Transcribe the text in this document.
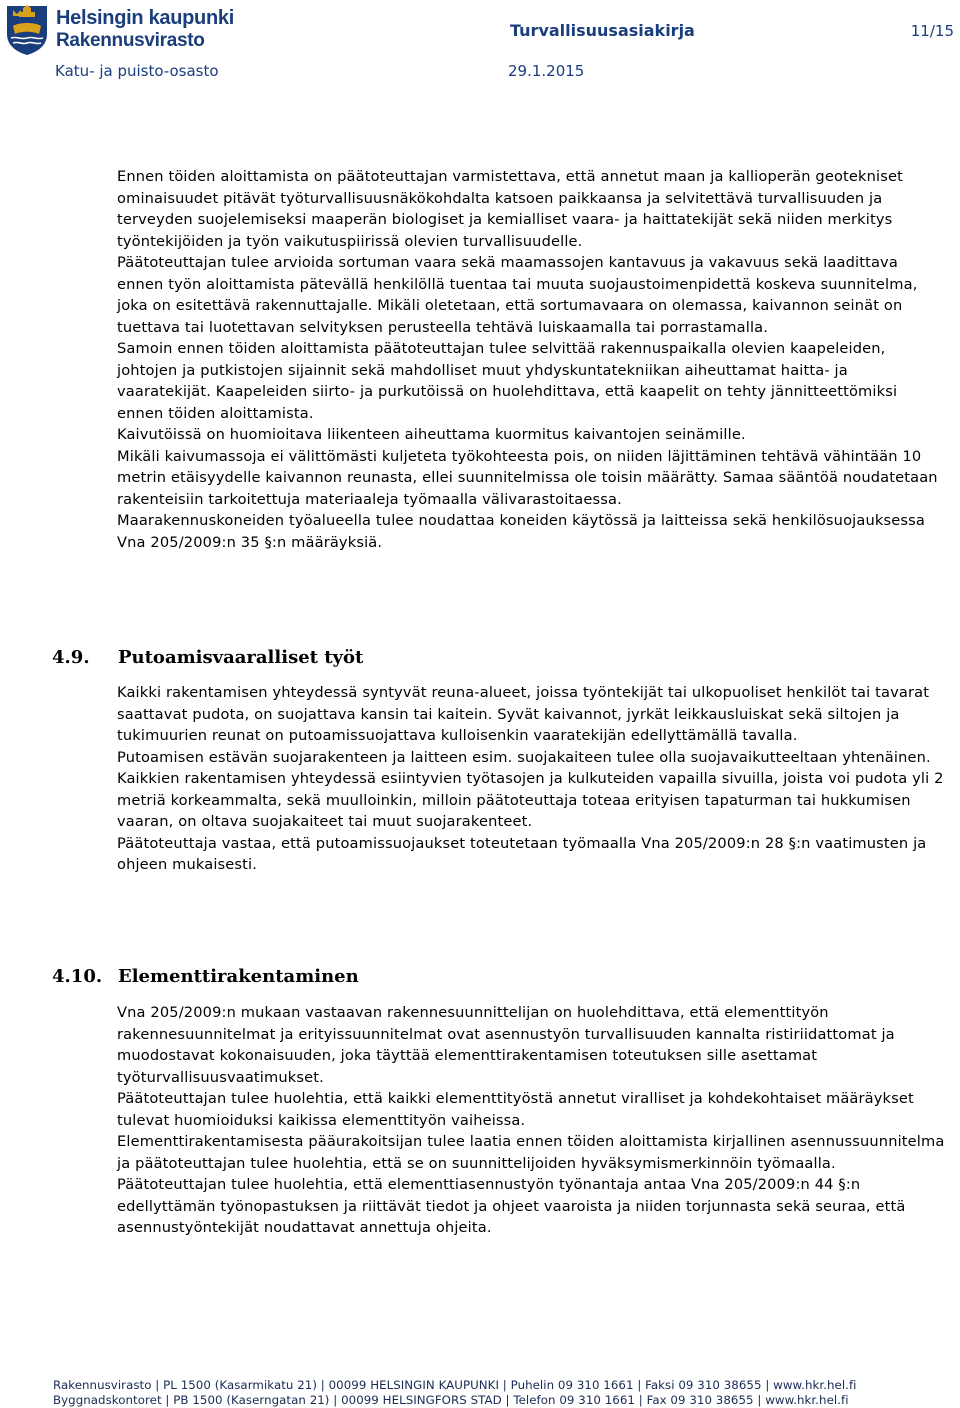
Helsingin kaupunki
Rakennusvirasto	Turvallisuusasiakirja	11/15
Katu- ja puisto-osasto	29.1.2015

Ennen töiden aloittamista on päätoteuttajan varmistettava, että annetut maan ja kallioperän geotekniset ominaisuudet pitävät työturvallisuusnäkökohdalta katsoen paikkaansa ja selvitettävä turvallisuuden ja terveyden suojelemiseksi maaperän biologiset ja kemialliset vaara- ja haittatekijät sekä niiden merkitys työntekijöiden ja työn vaikutuspiirissä olevien turvallisuudelle.

Päätoteuttajan tulee arvioida sortuman vaara sekä maamassojen kantavuus ja vakavuus sekä laadittava ennen työn aloittamista pätevällä henkilöllä tuentaa tai muuta suojaustoimenpidettä koskeva suunnitelma, joka on esitettävä rakennuttajalle. Mikäli oletetaan, että sortumavaara on olemassa, kaivannon seinät on tuettava tai luotettavan selvityksen perusteella tehtävä luiskaamalla tai porrastamalla.

Samoin ennen töiden aloittamista päätoteuttajan tulee selvittää rakennuspaikalla olevien kaapeleiden, johtojen ja putkistojen sijainnit sekä mahdolliset muut yhdyskuntatekniikan aiheuttamat haitta- ja vaaratekijät. Kaapeleiden siirto- ja purkutöissä on huolehdittava, että kaapelit on tehty jännitteettömiksi ennen töiden aloittamista.

Kaivutöissä on huomioitava liikenteen aiheuttama kuormitus kaivantojen seinämille.

Mikäli kaivumassoja ei välittömästi kuljeteta työkohteesta pois, on niiden läjittäminen tehtävä vähintään 10 metrin etäisyydelle kaivannon reunasta, ellei suunnitelmissa ole toisin määrätty. Samaa sääntöä noudatetaan rakenteisiin tarkoitettuja materiaaleja työmaalla välivarastoitaessa.

Maarakennuskoneiden työalueella tulee noudattaa koneiden käytössä ja laitteissa sekä henkilösuojauksessa Vna 205/2009:n 35 §:n määräyksiä.

4.9. Putoamisvaaralliset työt

Kaikki rakentamisen yhteydessä syntyvät reuna-alueet, joissa työntekijät tai ulkopuoliset henkilöt tai tavarat saattavat pudota, on suojattava kansin tai kaitein. Syvät kaivannot, jyrkät leikkausluiskat sekä siltojen ja tukimuurien reunat on putoamissuojattava kulloisenkin vaaratekijän edellyttämällä tavalla.

Putoamisen estävän suojarakenteen ja laitteen esim. suojakaiteen tulee olla suojavaikutteeltaan yhtenäinen.

Kaikkien rakentamisen yhteydessä esiintyvien työtasojen ja kulkuteiden vapailla sivuilla, joista voi pudota yli 2 metriä korkeammalta, sekä muulloinkin, milloin päätoteuttaja toteaa erityisen tapaturman tai hukkumisen vaaran, on oltava suojakaiteet tai muut suojarakenteet.

Päätoteuttaja vastaa, että putoamissuojaukset toteutetaan työmaalla Vna 205/2009:n 28 §:n vaatimusten ja ohjeen mukaisesti.

4.10. Elementtirakentaminen

Vna 205/2009:n mukaan vastaavan rakennesuunnittelijan on huolehdittava, että elementtityön rakennesuunnitelmat ja erityissuunnitelmat ovat asennustyön turvallisuuden kannalta ristiriidattomat ja muodostavat kokonaisuuden, joka täyttää elementtirakentamisen toteutuksen sille asettamat työturvallisuusvaatimukset.

Päätoteuttajan tulee huolehtia, että kaikki elementtityöstä annetut viralliset ja kohdekohtaiset määräykset tulevat huomioiduksi kaikissa elementtityön vaiheissa.

Elementtirakentamisesta pääurakoitsijan tulee laatia ennen töiden aloittamista kirjallinen asennussuunnitelma ja päätoteuttajan tulee huolehtia, että se on suunnittelijoiden hyväksymismerkinnöin työmaalla.

Päätoteuttajan tulee huolehtia, että elementtiasennustyön työnantaja antaa Vna 205/2009:n 44 §:n edellyttämän työnopastuksen ja riittävät tiedot ja ohjeet vaaroista ja niiden torjunnasta sekä seuraa, että asennustyöntekijät noudattavat annettuja ohjeita.

Rakennusvirasto | PL 1500 (Kasarmikatu 21) | 00099 HELSINGIN KAUPUNKI | Puhelin 09 310 1661 | Faksi 09 310 38655 | www.hkr.hel.fi
Byggnadskontoret | PB 1500 (Kaserngatan 21) | 00099 HELSINGFORS STAD | Telefon 09 310 1661 | Fax 09 310 38655 | www.hkr.hel.fi
